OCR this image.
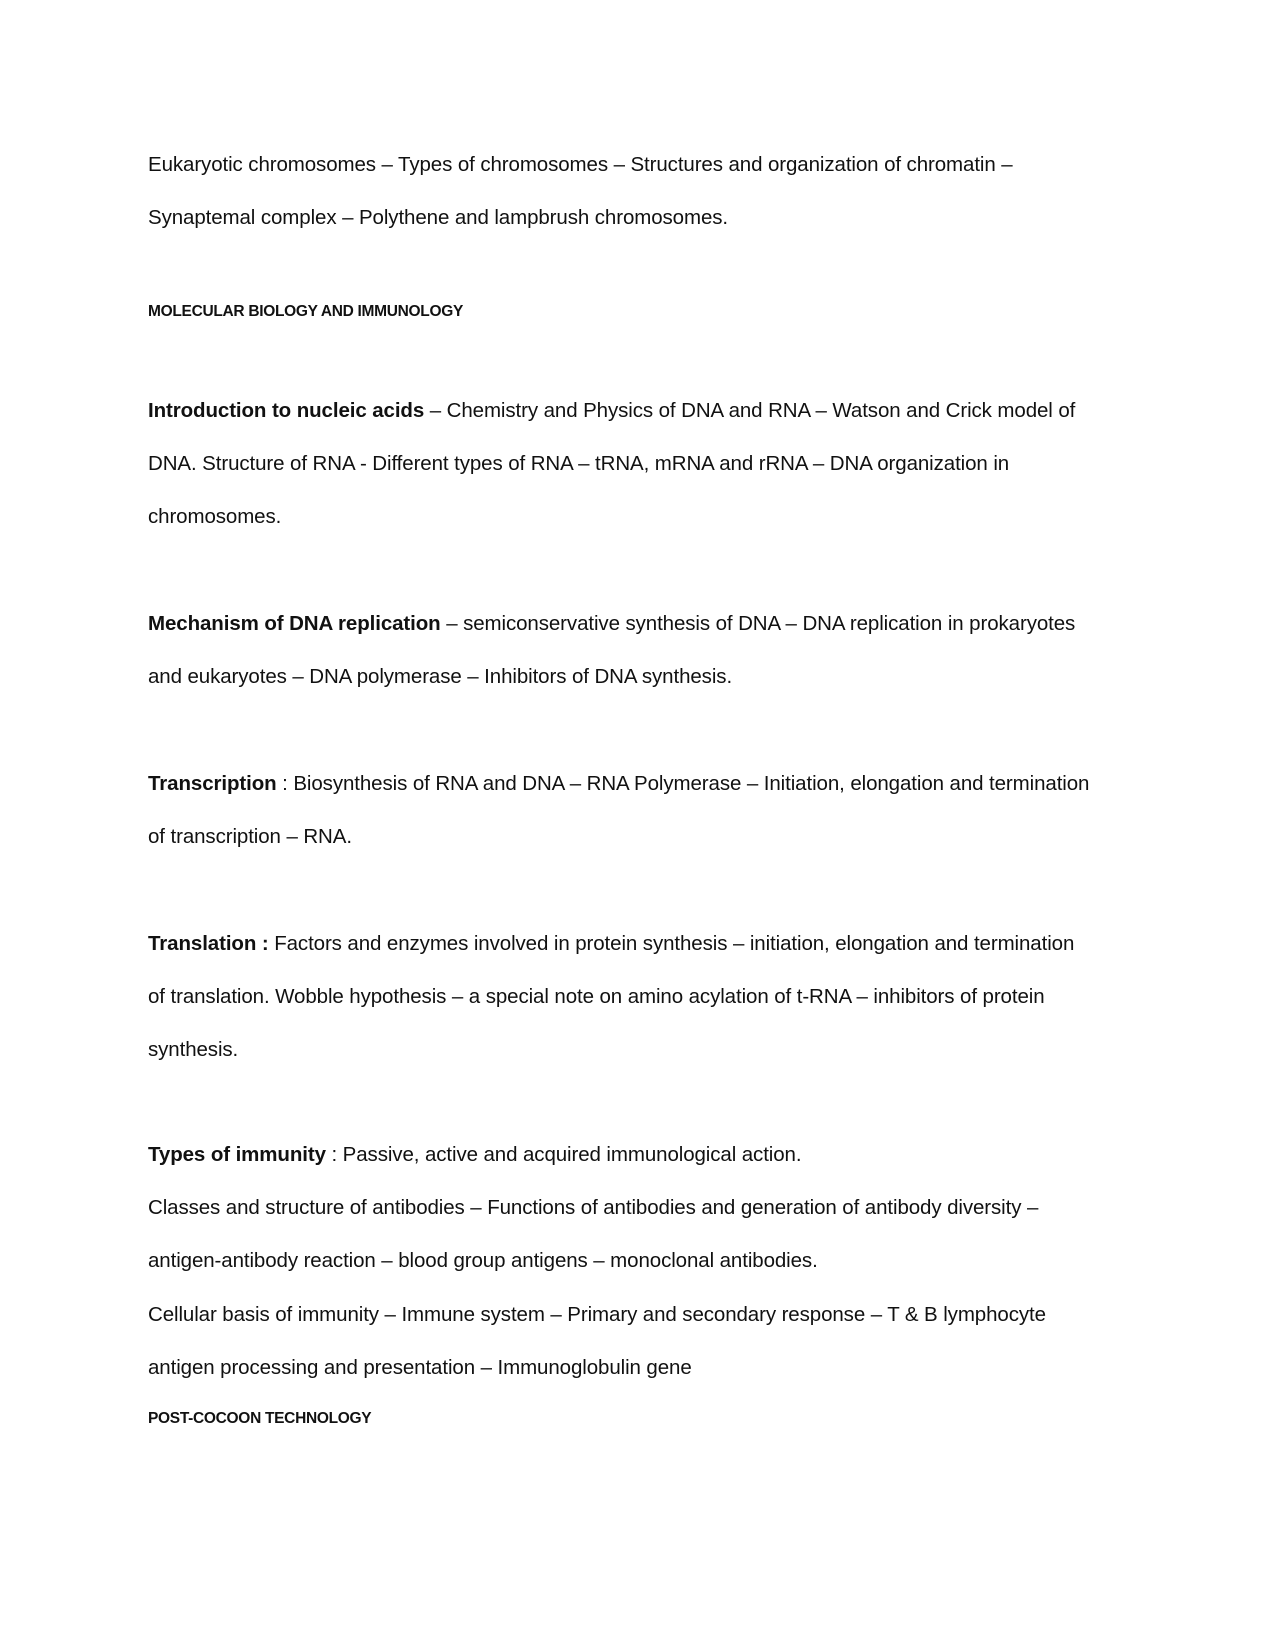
Eukaryotic chromosomes – Types of chromosomes – Structures and organization of chromatin –
Synaptemal complex – Polythene and lampbrush chromosomes.
MOLECULAR BIOLOGY AND IMMUNOLOGY
Introduction to nucleic acids – Chemistry and Physics of DNA and RNA – Watson and Crick model of
DNA. Structure of RNA - Different types of RNA – tRNA, mRNA and rRNA – DNA organization in
chromosomes.
Mechanism of DNA replication – semiconservative synthesis of DNA – DNA replication in prokaryotes
and eukaryotes – DNA polymerase – Inhibitors of DNA synthesis.
Transcription : Biosynthesis of RNA and DNA – RNA Polymerase – Initiation, elongation and termination
of transcription – RNA.
Translation : Factors and enzymes involved in protein synthesis – initiation, elongation and termination
of translation. Wobble hypothesis – a special note on amino acylation of t-RNA – inhibitors of protein
synthesis.
Types of immunity : Passive, active and acquired immunological action.
Classes and structure of antibodies – Functions of antibodies and generation of antibody diversity –
antigen-antibody reaction – blood group antigens – monoclonal antibodies.
Cellular basis of immunity – Immune system – Primary and secondary response – T & B lymphocyte
antigen processing and presentation – Immunoglobulin gene
POST-COCOON TECHNOLOGY
